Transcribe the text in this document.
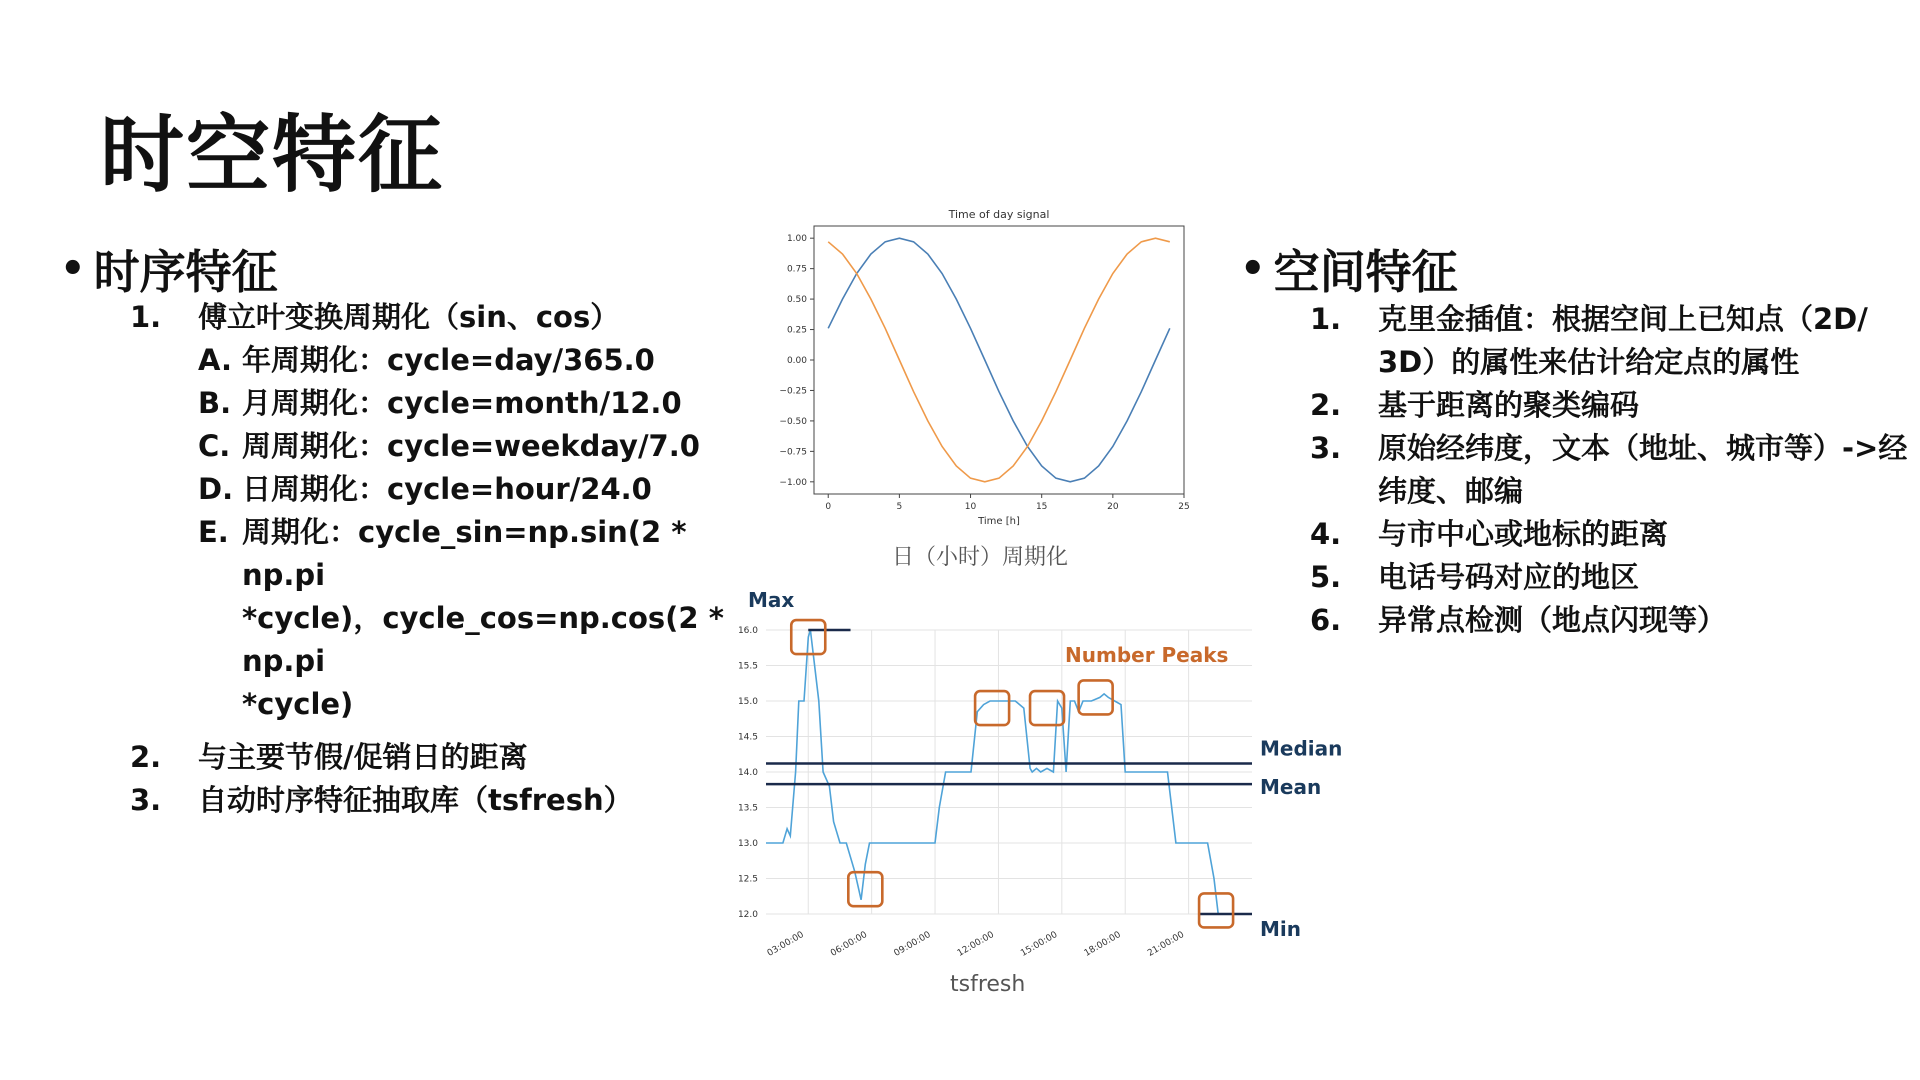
时空特征
• 时序特征
1.	傅立叶变换周期化（sin、cos）
A. 年周期化：cycle=day/365.0
B. 月周期化：cycle=month/12.0
C. 周周期化：cycle=weekday/7.0
D. 日周期化：cycle=hour/24.0
E. 周期化：cycle_sin=np.sin(2 * np.pi
*cycle)，cycle_cos=np.cos(2 * np.pi
*cycle)
2.	与主要节假/促销日的距离
3.	自动时序特征抽取库（tsfresh）
• 空间特征
1.	克里金插值：根据空间上已知点（2D/
3D）的属性来估计给定点的属性
2.	基于距离的聚类编码
3.	原始经纬度，文本（地址、城市等）->经
纬度、邮编
4.	与市中心或地标的距离
5.	电话号码对应的地区
6.	异常点检测（地点闪现等）
Time of day signal
−1.00
−0.75
−0.50
−0.25
0.00
0.25
0.50
0.75
1.00
0	5	10	15	20	25
Time [h]
日（小时）周期化
12.0
12.5
13.0
13.5
14.0
14.5
15.0
15.5
16.0
03:00:00	06:00:00	09:00:00	12:00:00	15:00:00	18:00:00	21:00:00
Max
Median
Mean
Min
Number Peaks
tsfresh
